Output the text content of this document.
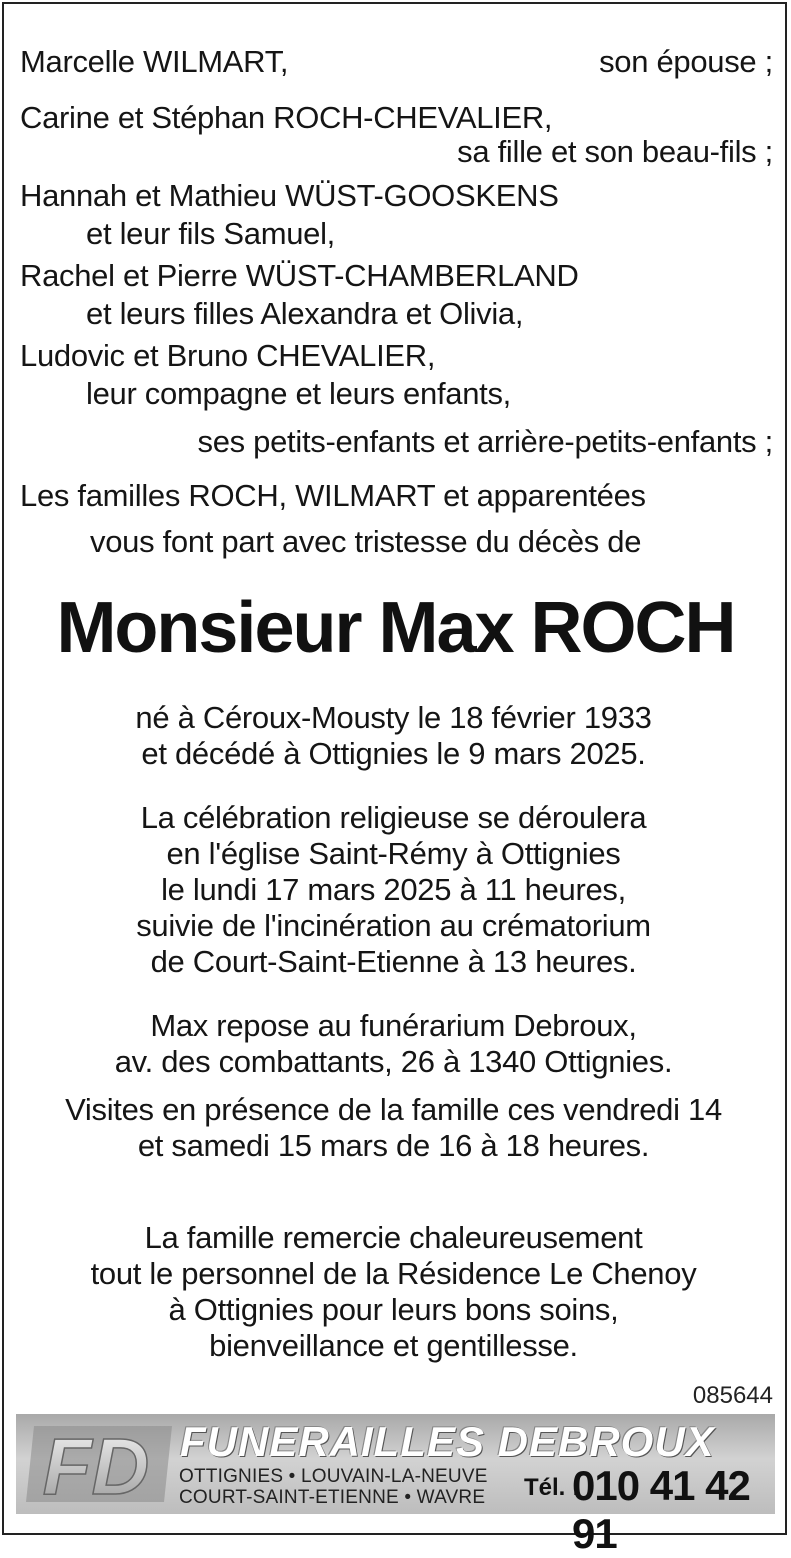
Marcelle WILMART,	son épouse ;
Carine et Stéphan ROCH-CHEVALIER,
sa fille et son beau-fils ;
Hannah et Mathieu WÜST-GOOSKENS
et leur fils Samuel,
Rachel et Pierre WÜST-CHAMBERLAND
et leurs filles Alexandra et Olivia,
Ludovic et Bruno CHEVALIER,
leur compagne et leurs enfants,
ses petits-enfants et arrière-petits-enfants ;
Les familles ROCH, WILMART et apparentées
vous font part avec tristesse du décès de
Monsieur Max ROCH
né à Céroux-Mousty le 18 février 1933
et décédé à Ottignies le 9 mars 2025.
La célébration religieuse se déroulera
en l'église Saint-Rémy à Ottignies
le lundi 17 mars 2025 à 11 heures,
suivie de l'incinération au crématorium
de Court-Saint-Etienne à 13 heures.
Max repose au funérarium Debroux,
av. des combattants, 26 à 1340 Ottignies.
Visites en présence de la famille ces vendredi 14
et samedi 15 mars de 16 à 18 heures.
La famille remercie chaleureusement
tout le personnel de la Résidence Le Chenoy
à Ottignies pour leurs bons soins,
bienveillance et gentillesse.
085644
FD FUNERAILLES DEBROUX
OTTIGNIES • LOUVAIN-LA-NEUVE
COURT-SAINT-ETIENNE • WAVRE Tél. :
010 41 42 91
